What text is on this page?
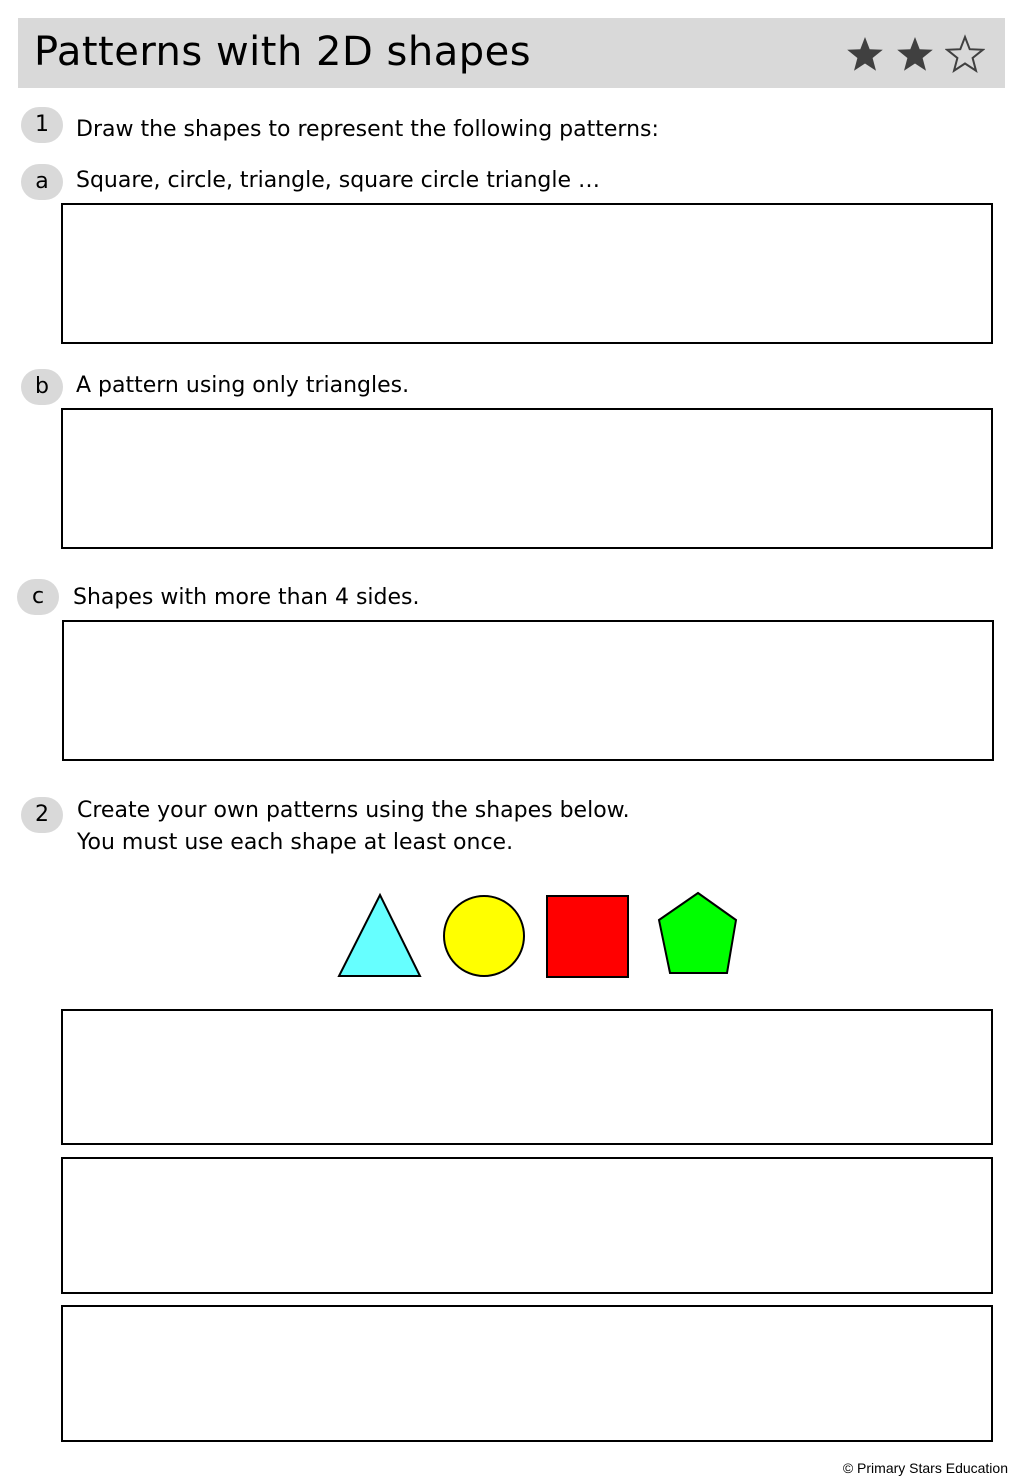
Patterns with 2D shapes
1	Draw the shapes to represent the following patterns:
a	Square, circle, triangle, square circle triangle …
b	A pattern using only triangles.
c	Shapes with more than 4 sides.
2	Create your own patterns using the shapes below.
You must use each shape at least once.
© Primary Stars Education
